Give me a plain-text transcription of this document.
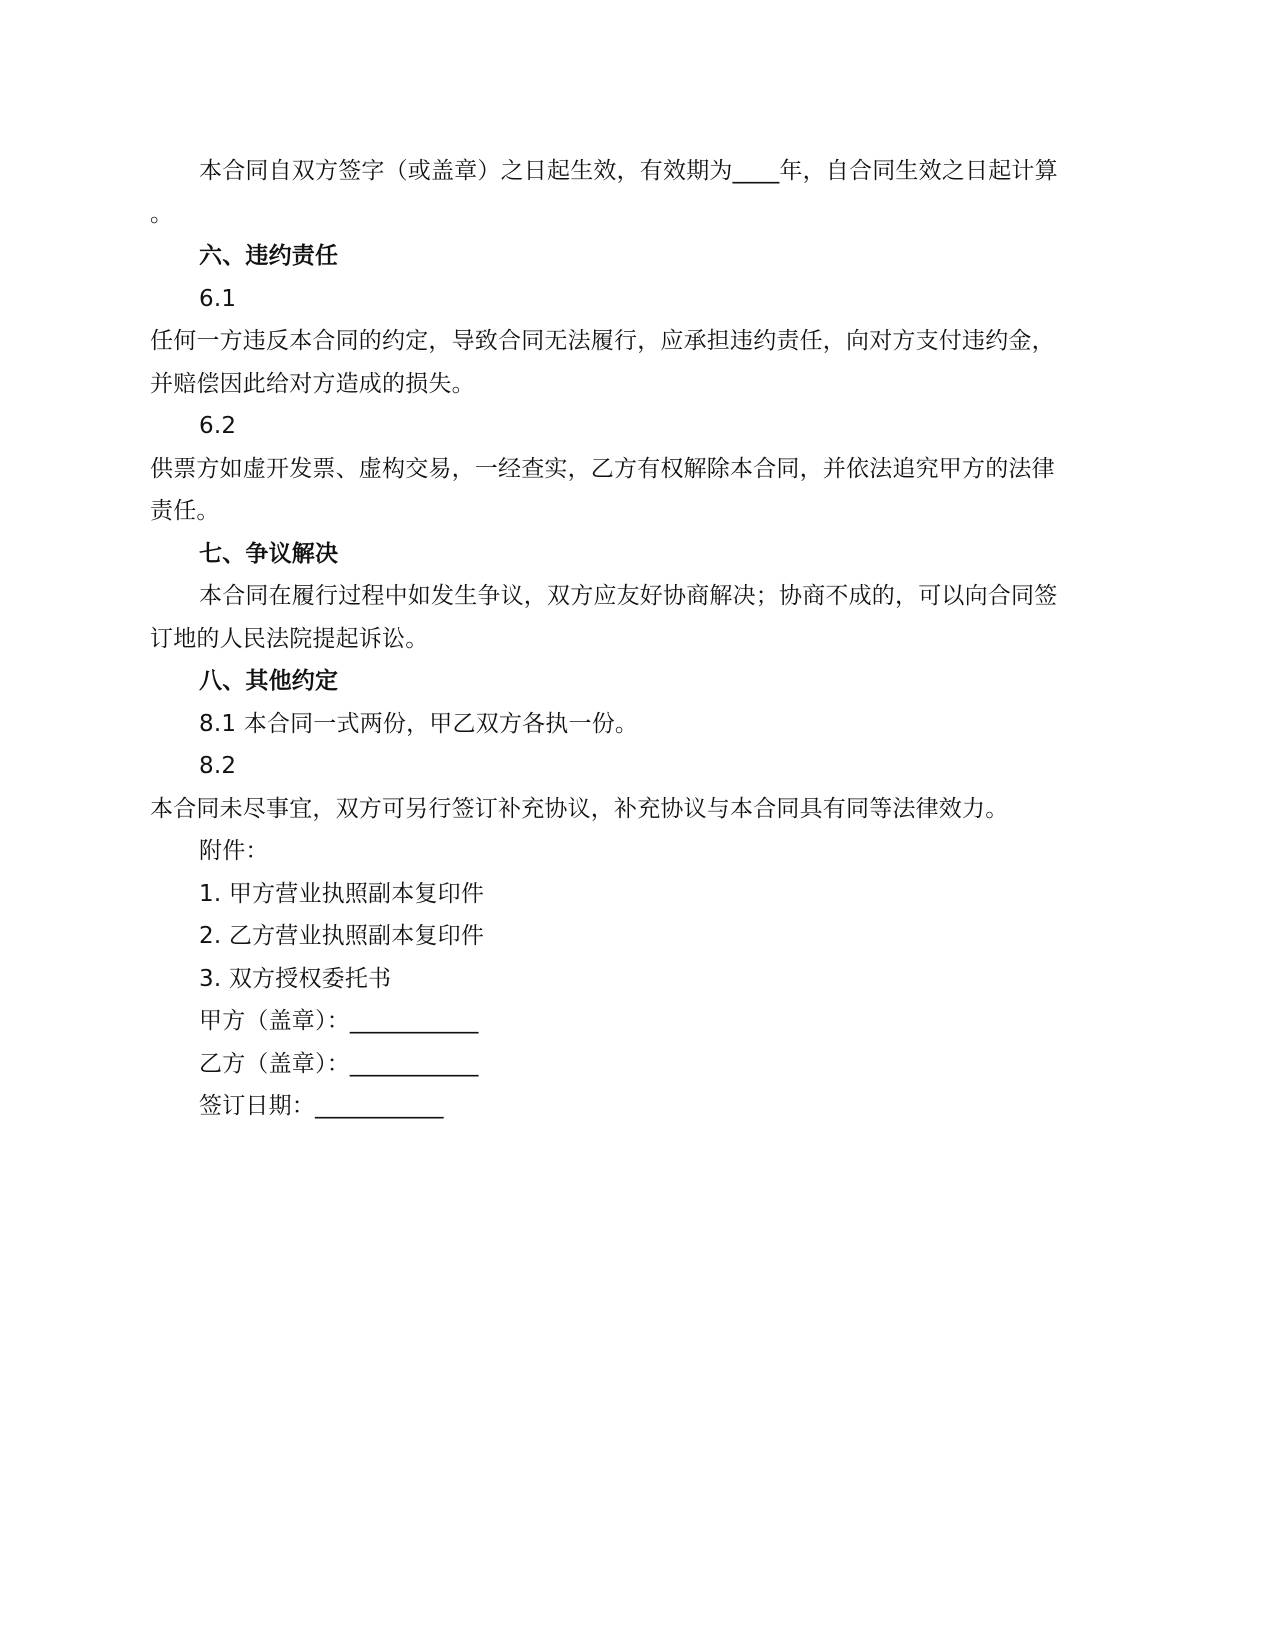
本合同自双方签字（或盖章）之日起生效，有效期为____年，自合同生效之日起计算

。

六、违约责任

6.1

任何一方违反本合同的约定，导致合同无法履行，应承担违约责任，向对方支付违约金，

并赔偿因此给对方造成的损失。

6.2

供票方如虚开发票、虚构交易，一经查实，乙方有权解除本合同，并依法追究甲方的法律

责任。

七、争议解决

本合同在履行过程中如发生争议，双方应友好协商解决；协商不成的，可以向合同签

订地的人民法院提起诉讼。

八、其他约定

8.1 本合同一式两份，甲乙双方各执一份。

8.2

本合同未尽事宜，双方可另行签订补充协议，补充协议与本合同具有同等法律效力。

附件：

1. 甲方营业执照副本复印件

2. 乙方营业执照副本复印件

3. 双方授权委托书

甲方（盖章）：___________

乙方（盖章）：___________

签订日期：___________
